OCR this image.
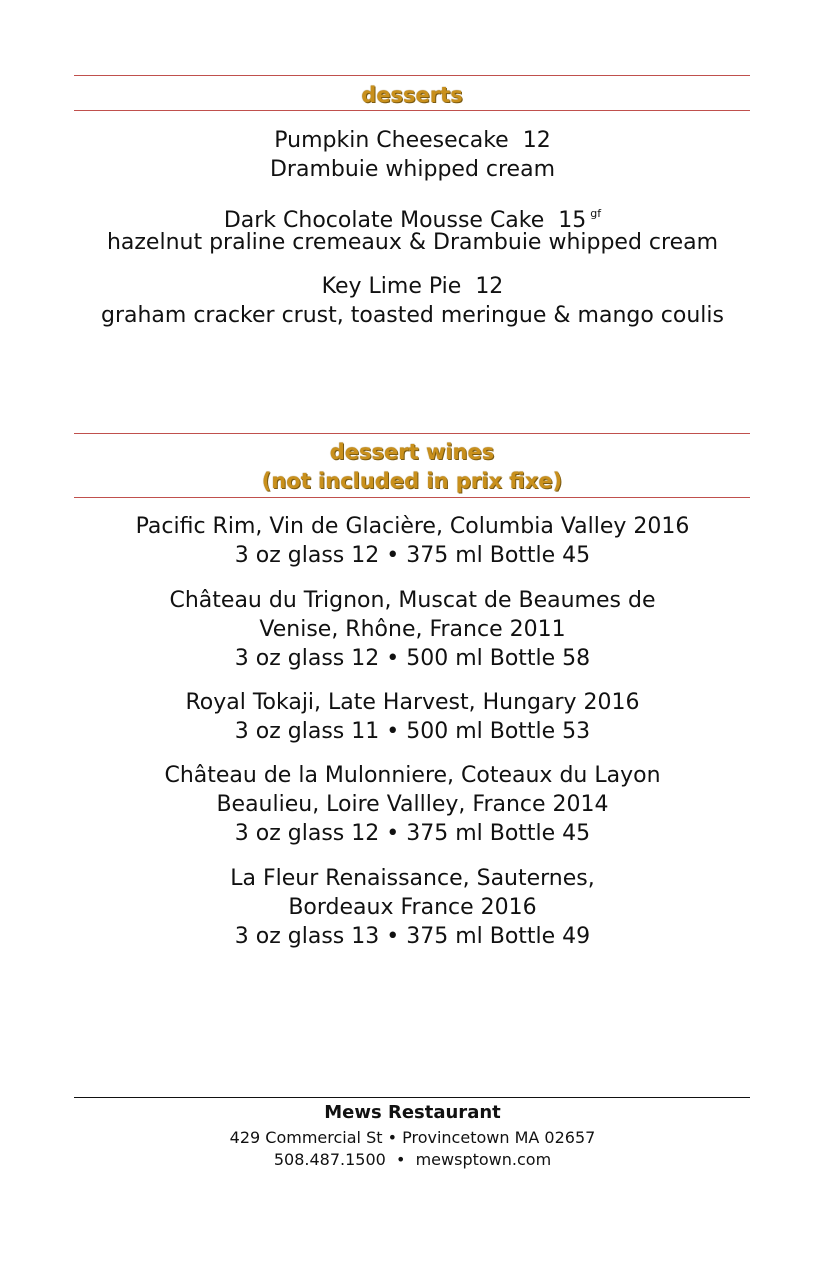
desserts
Pumpkin Cheesecake 12
Drambuie whipped cream
Dark Chocolate Mousse Cake 15 $^{gf}$
hazelnut praline cremeaux & Drambuie whipped cream
Key Lime Pie 12
graham cracker crust, toasted meringue & mango coulis
dessert wines
(not included in prix fixe)
Pacific Rim, Vin de Glacière, Columbia Valley 2016
3 oz glass 12 • 375 ml Bottle 45
Château du Trignon, Muscat de Beaumes de
Venise, Rhône, France 2011
3 oz glass 12 • 500 ml Bottle 58
Royal Tokaji, Late Harvest, Hungary 2016
3 oz glass 11 • 500 ml Bottle 53
Château de la Mulonniere, Coteaux du Layon
Beaulieu, Loire Vallley, France 2014
3 oz glass 12 • 375 ml Bottle 45
La Fleur Renaissance, Sauternes,
Bordeaux France 2016
3 oz glass 13 • 375 ml Bottle 49
Mews Restaurant
429 Commercial St • Provincetown MA 02657
508.487.1500  •  mewsptown.com
